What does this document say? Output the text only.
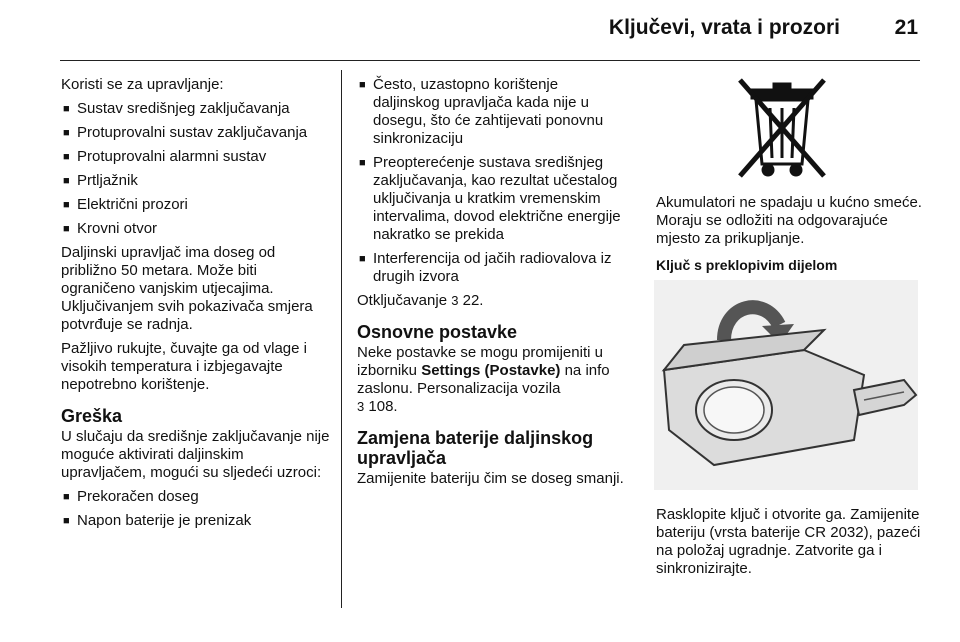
Ključevi, vrata i prozori	21

Koristi se za upravljanje:

■ Sustav središnjeg zaključavanja
■ Protuprovalni sustav zaključavanja
■ Protuprovalni alarmni sustav
■ Prtljažnik
■ Električni prozori
■ Krovni otvor

Daljinski upravljač ima doseg od približno 50 metara. Može biti ograničeno vanjskim utjecajima. Uključivanjem svih pokazivača smjera potvrđuje se radnja.

Pažljivo rukujte, čuvajte ga od vlage i visokih temperatura i izbjegavajte nepotrebno korištenje.

Greška

U slučaju da središnje zaključavanje nije moguće aktivirati daljinskim upravljačem, mogući su sljedeći uzroci:

■ Prekoračen doseg
■ Napon baterije je prenizak
■ Često, uzastopno korištenje daljinskog upravljača kada nije u dosegu, što će zahtijevati ponovnu sinkronizaciju
■ Preopterećenje sustava središnjeg zaključavanja, kao rezultat učestalog uključivanja u kratkim vremenskim intervalima, dovod električne energije nakratko se prekida
■ Interferencija od jačih radiovalova iz drugih izvora

Otključavanje 3 22.

Osnovne postavke

Neke postavke se mogu promijeniti u izborniku Settings (Postavke) na info zaslonu. Personalizacija vozila
3 108.

Zamjena baterije daljinskog upravljača

Zamijenite bateriju čim se doseg smanji.

Akumulatori ne spadaju u kućno smeće. Moraju se odložiti na odgovarajuće mjesto za prikupljanje.

Ključ s preklopivim dijelom

Rasklopite ključ i otvorite ga. Zamijenite bateriju (vrsta baterije CR 2032), pazeći na položaj ugradnje. Zatvorite ga i sinkronizirajte.
